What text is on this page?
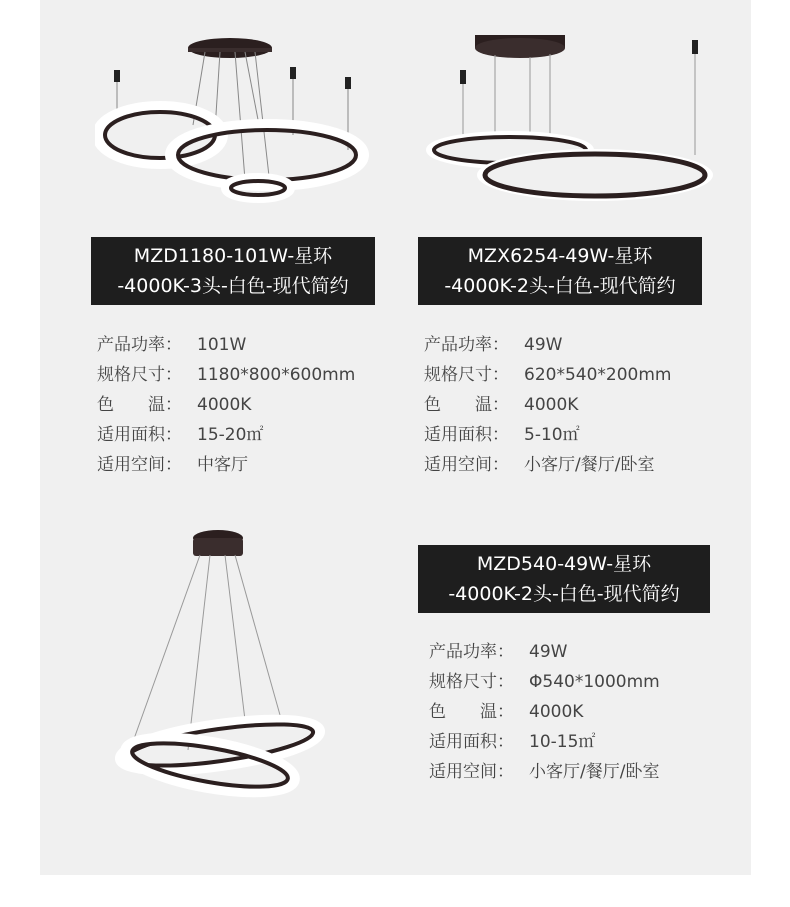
MZD1180-101W-星环
-4000K-3头-白色-现代简约
MZX6254-49W-星环
-4000K-2头-白色-现代简约
MZD540-49W-星环
-4000K-2头-白色-现代简约
产品功率： 101W
规格尺寸： 1180*800*600mm
色　　温： 4000K
适用面积： 15-20㎡
适用空间： 中客厅
产品功率： 49W
规格尺寸： 620*540*200mm
色　　温： 4000K
适用面积： 5-10㎡
适用空间： 小客厅/餐厅/卧室
产品功率： 49W
规格尺寸： Φ540*1000mm
色　　温： 4000K
适用面积： 10-15㎡
适用空间： 小客厅/餐厅/卧室
